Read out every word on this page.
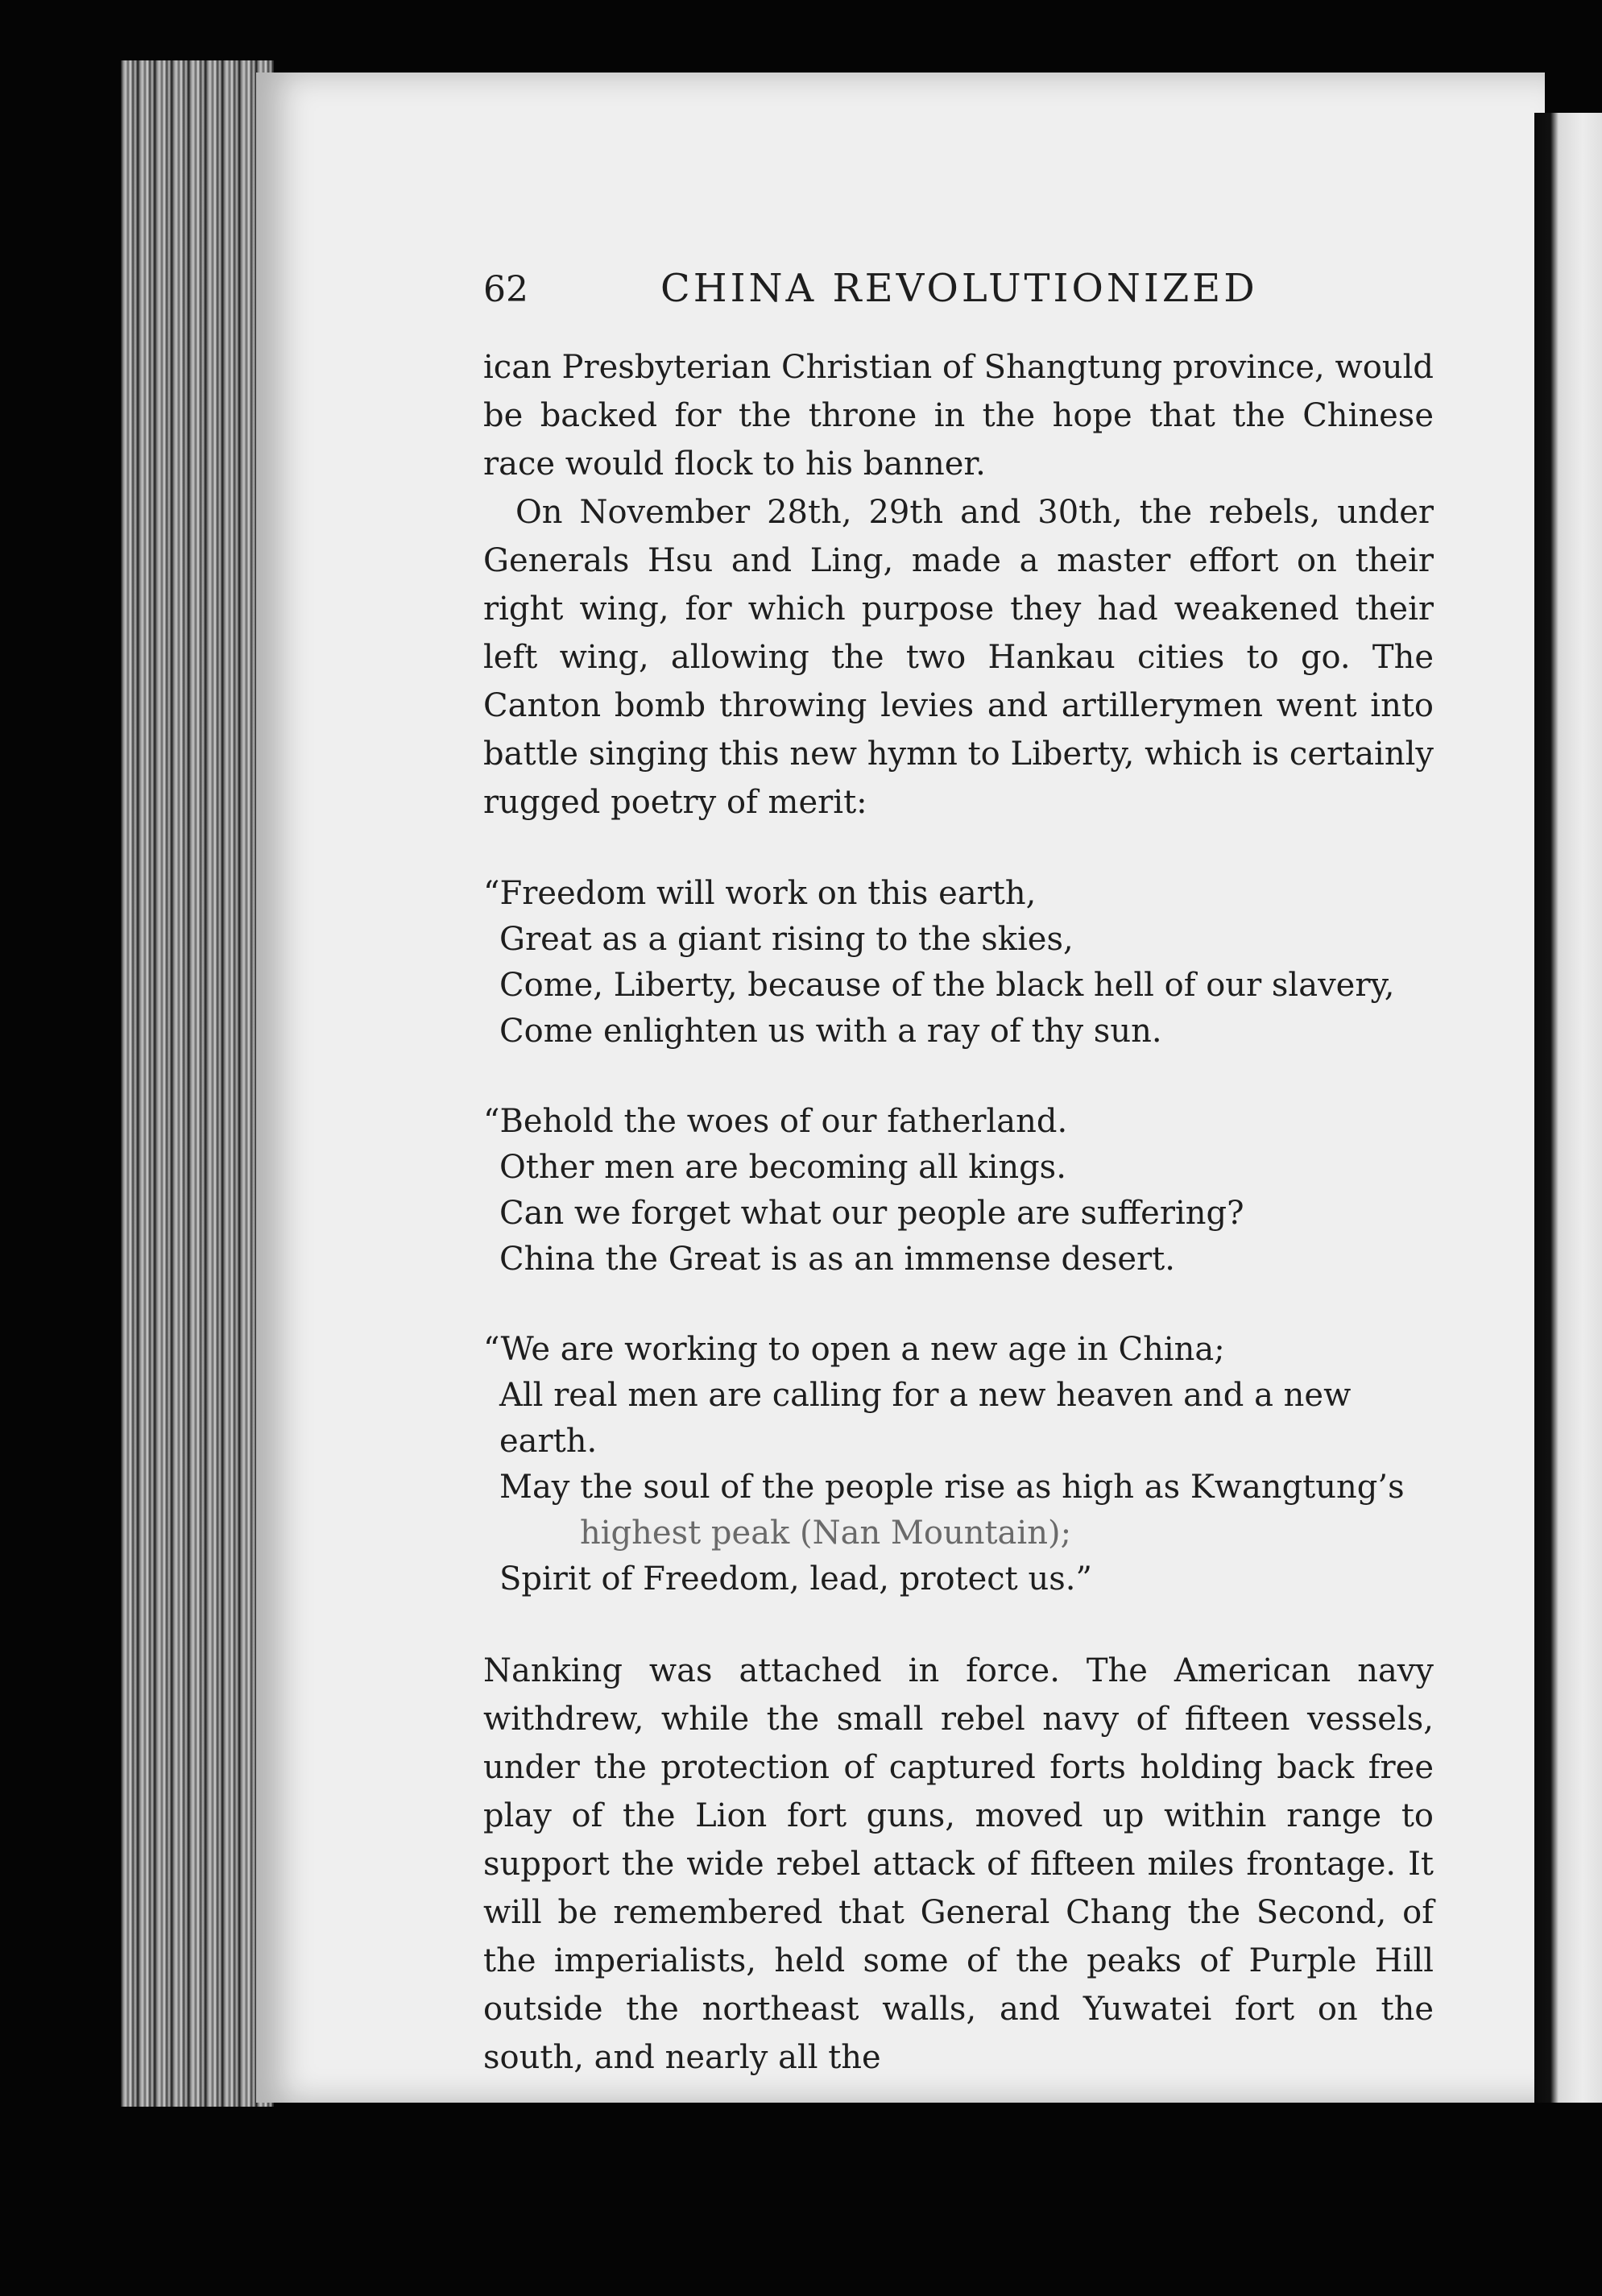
62	CHINA REVOLUTIONIZED

ican Presbyterian Christian of Shangtung province, would be backed for the throne in the hope that the Chinese race would flock to his banner.

On November 28th, 29th and 30th, the rebels, under Generals Hsu and Ling, made a master effort on their right wing, for which purpose they had weakened their left wing, allowing the two Hankau cities to go. The Canton bomb throwing levies and artillerymen went into battle singing this new hymn to Liberty, which is certainly rugged poetry of merit:

“Freedom will work on this earth,
Great as a giant rising to the skies,
Come, Liberty, because of the black hell of our slavery,
Come enlighten us with a ray of thy sun.
“Behold the woes of our fatherland.
Other men are becoming all kings.
Can we forget what our people are suffering?
China the Great is as an immense desert.
“We are working to open a new age in China;
All real men are calling for a new heaven and a new earth.
May the soul of the people rise as high as Kwangtung’s
highest peak (Nan Mountain);
Spirit of Freedom, lead, protect us.”

Nanking was attached in force. The American navy withdrew, while the small rebel navy of fifteen vessels, under the protection of captured forts holding back free play of the Lion fort guns, moved up within range to support the wide rebel attack of fifteen miles frontage. It will be remembered that General Chang the Second, of the imperialists, held some of the peaks of Purple Hill outside the northeast walls, and Yuwatei fort on the south, and nearly all the
